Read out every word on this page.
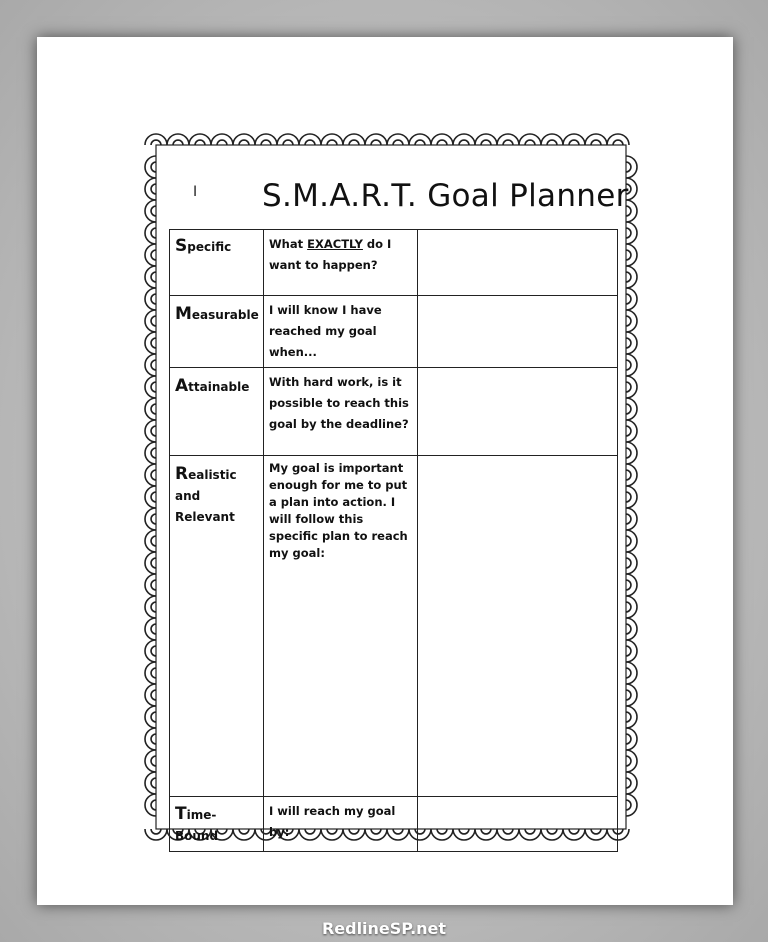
I S.M.A.R.T. Goal Planner
Specific	What EXACTLY do I want to happen?	

Measurable	I will know I have reached my goal when...	

Attainable	With hard work, is it possible to reach this goal by the deadline?	

Realistic and
Relevant	My goal is important enough for me to put a plan into action. I will follow this specific plan to reach my goal:	

Time-Bound	I will reach my goal by:	

RedlineSP.net
